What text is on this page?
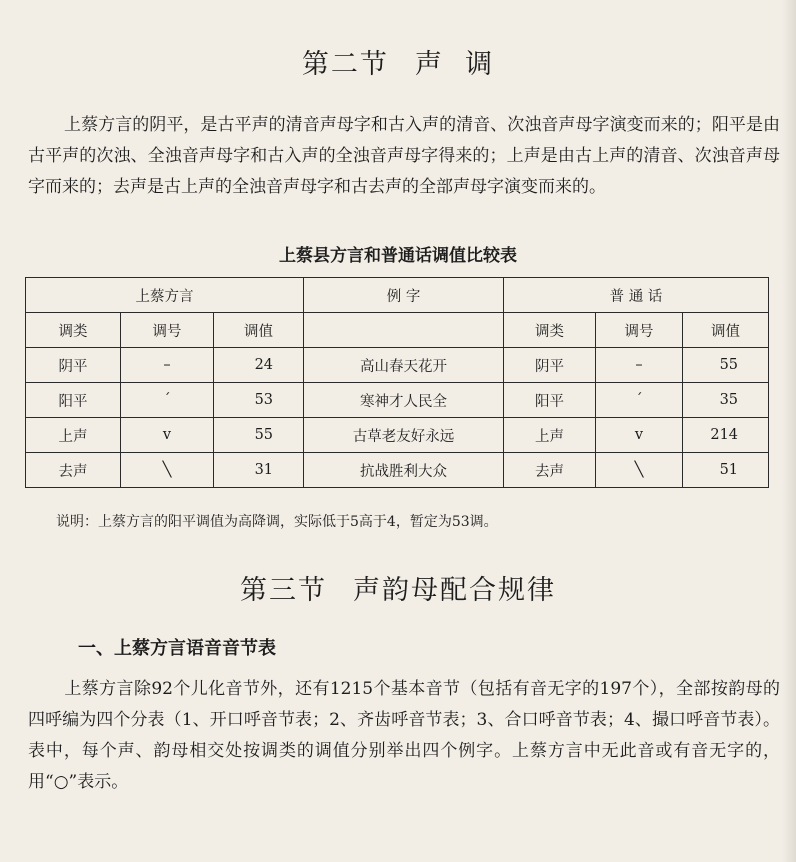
第二节 声  调

上蔡方言的阴平，是古平声的清音声母字和古入声的清音、次浊音声母字演变而来的；阳平是由古平声的次浊、全浊音声母字和古入声的全浊音声母字得来的；上声是由古上声的清音、次浊音声母字而来的；去声是古上声的全浊音声母字和古去声的全部声母字演变而来的。

上蔡县方言和普通话调值比较表
上蔡方言			例 字	普 通 话		
调类	调号	调值		调类	调号	调值
阴平	–	24	高山春天花开	阴平	–	55
阳平	ˊ	53	寒神才人民全	阳平	ˊ	35
上声	v	55	古草老友好永远	上声	v	214
去声	╲	31	抗战胜利大众	去声	╲	51
说明：上蔡方言的阳平调值为高降调，实际低于5高于4，暂定为53调。
第三节 声韵母配合规律
一、上蔡方言语音音节表

上蔡方言除92个儿化音节外，还有1215个基本音节（包括有音无字的197个），全部按韵母的四呼编为四个分表（1、开口呼音节表；2、齐齿呼音节表；3、合口呼音节表；4、撮口呼音节表）。表中，每个声、韵母相交处按调类的调值分别举出四个例字。上蔡方言中无此音或有音无字的，用“○”表示。
